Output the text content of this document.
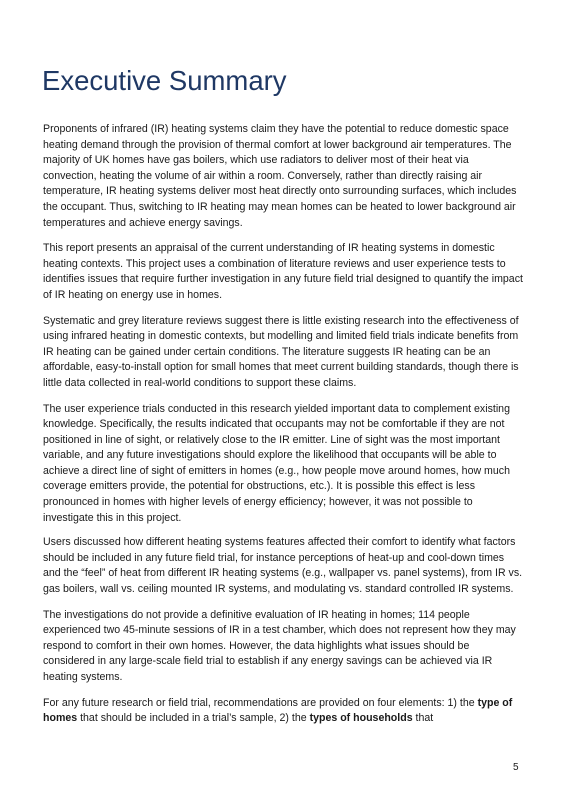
Executive Summary

Proponents of infrared (IR) heating systems claim they have the potential to reduce domestic space heating demand through the provision of thermal comfort at lower background air temperatures. The majority of UK homes have gas boilers, which use radiators to deliver most of their heat via convection, heating the volume of air within a room. Conversely, rather than directly raising air temperature, IR heating systems deliver most heat directly onto surrounding surfaces, which includes the occupant. Thus, switching to IR heating may mean homes can be heated to lower background air temperatures and achieve energy savings.

This report presents an appraisal of the current understanding of IR heating systems in domestic heating contexts. This project uses a combination of literature reviews and user experience tests to identifies issues that require further investigation in any future field trial designed to quantify the impact of IR heating on energy use in homes.

Systematic and grey literature reviews suggest there is little existing research into the effectiveness of using infrared heating in domestic contexts, but modelling and limited field trials indicate benefits from IR heating can be gained under certain conditions. The literature suggests IR heating can be an affordable, easy-to-install option for small homes that meet current building standards, though there is little data collected in real-world conditions to support these claims.

The user experience trials conducted in this research yielded important data to complement existing knowledge. Specifically, the results indicated that occupants may not be comfortable if they are not positioned in line of sight, or relatively close to the IR emitter. Line of sight was the most important variable, and any future investigations should explore the likelihood that occupants will be able to achieve a direct line of sight of emitters in homes (e.g., how people move around homes, how much coverage emitters provide, the potential for obstructions, etc.). It is possible this effect is less pronounced in homes with higher levels of energy efficiency; however, it was not possible to investigate this in this project.

Users discussed how different heating systems features affected their comfort to identify what factors should be included in any future field trial, for instance perceptions of heat-up and cool-down times and the “feel” of heat from different IR heating systems (e.g., wallpaper vs. panel systems), from IR vs. gas boilers, wall vs. ceiling mounted IR systems, and modulating vs. standard controlled IR systems.

The investigations do not provide a definitive evaluation of IR heating in homes; 114 people experienced two 45-minute sessions of IR in a test chamber, which does not represent how they may respond to comfort in their own homes. However, the data highlights what issues should be considered in any large-scale field trial to establish if any energy savings can be achieved via IR heating systems.

For any future research or field trial, recommendations are provided on four elements: 1) the type of homes that should be included in a trial’s sample, 2) the types of households that

5
